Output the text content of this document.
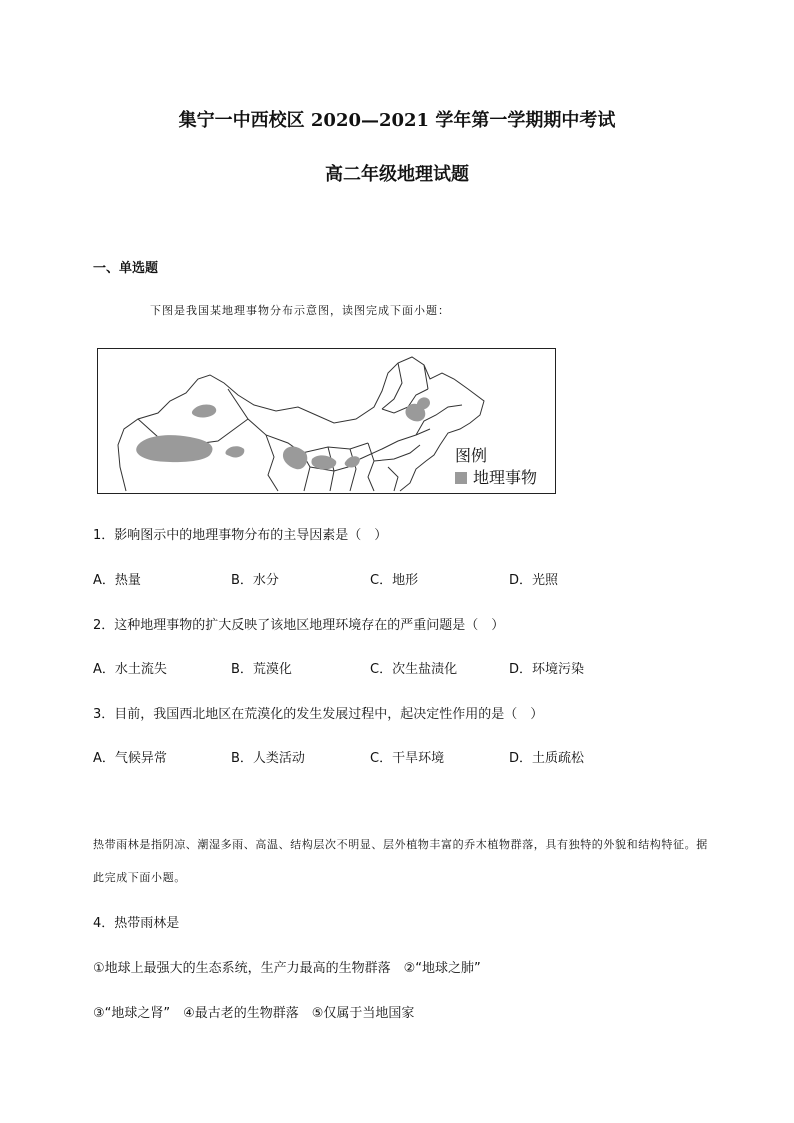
集宁一中西校区 2020—2021 学年第一学期期中考试
高二年级地理试题
一、单选题
下图是我国某地理事物分布示意图，读图完成下面小题：
图例
地理事物
1．影响图示中的地理事物分布的主导因素是（　）
A．热量	B．水分	C．地形	D．光照
2．这种地理事物的扩大反映了该地区地理环境存在的严重问题是（　）
A．水土流失	B．荒漠化	C．次生盐渍化	D．环境污染
3．目前，我国西北地区在荒漠化的发生发展过程中，起决定性作用的是（　）
A．气候异常	B．人类活动	C．干旱环境	D．土质疏松
热带雨林是指阴凉、潮湿多雨、高温、结构层次不明显、层外植物丰富的乔木植物群落，具有独特的外貌和结构特征。据此完成下面小题。
4．热带雨林是
①地球上最强大的生态系统，生产力最高的生物群落　②“地球之肺”
③“地球之肾”　④最古老的生物群落　⑤仅属于当地国家
